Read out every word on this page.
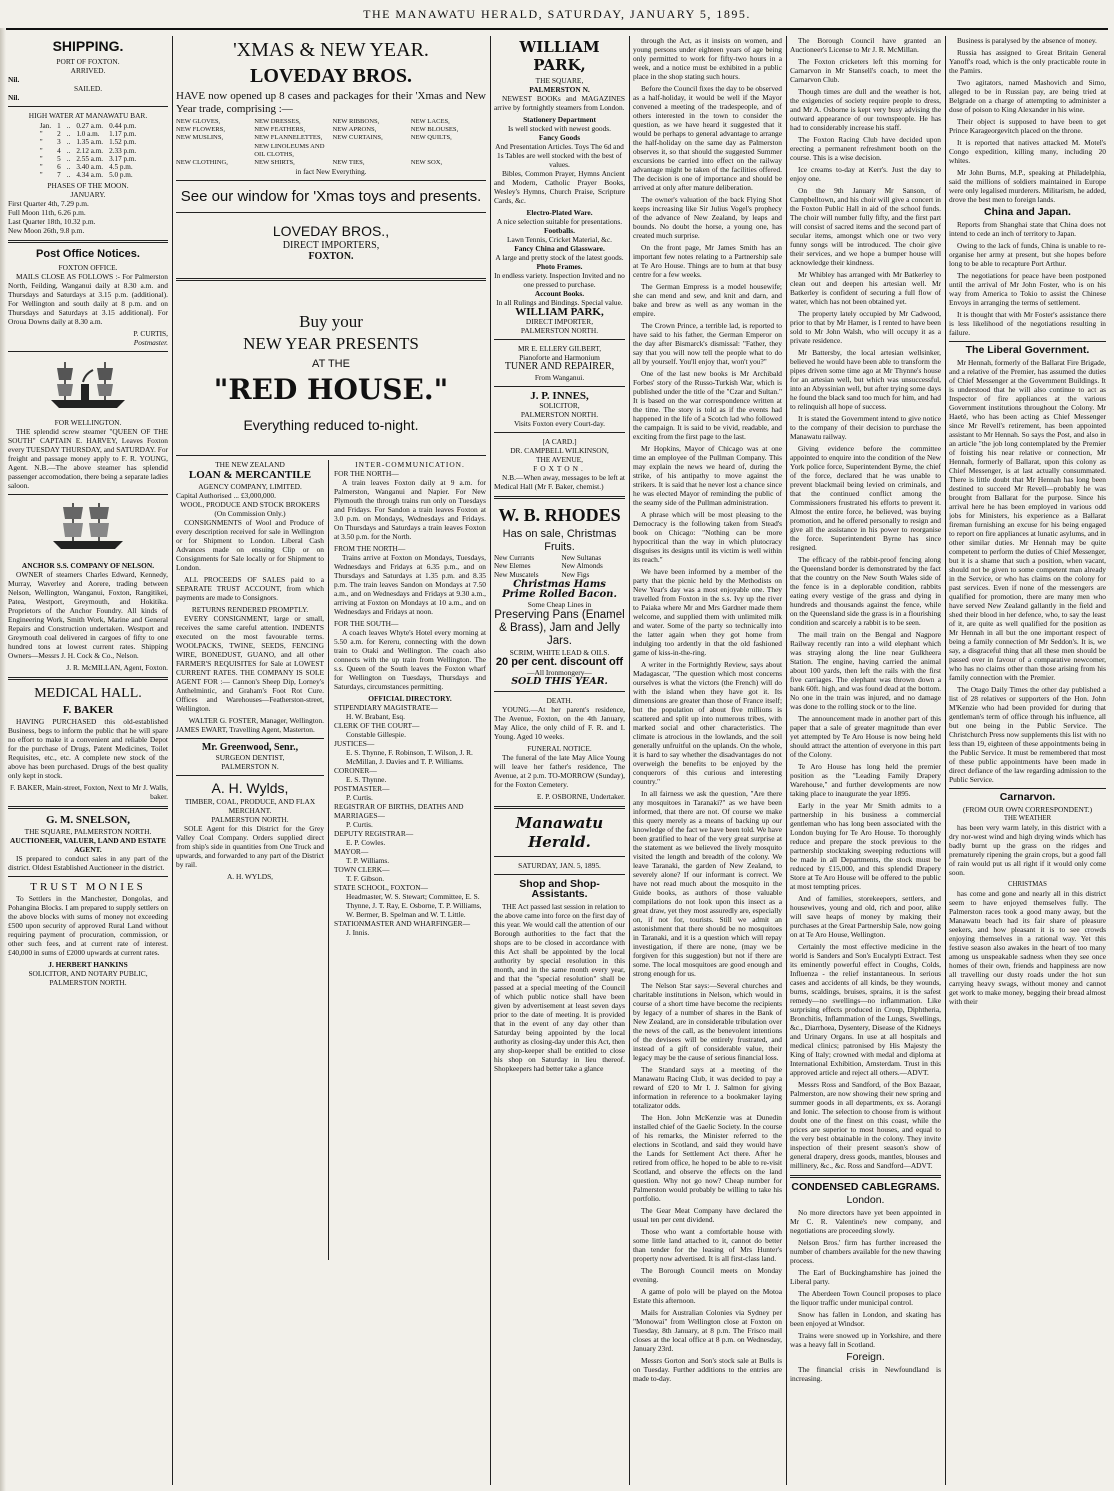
THE MANAWATU HERALD, SATURDAY, JANUARY 5, 1895.
SHIPPING.
PORT OF FOXTON.
ARRIVED.
Nil.
SAILED.
Nil.
HIGH WATER AT MANAWATU BAR.
Jan.	1	..	0.27 a.m.	0.44 p.m.
"	2	..	1.0 a.m.	1.17 p.m.
"	3	..	1.35 a.m.	1.52 p.m.
"	4	..	2.12 a.m.	2.33 p.m.
"	5	..	2.55 a.m.	3.17 p.m.
"	6	..	3.40 a.m.	4.5 p.m.
"	7	..	4.34 a.m.	5.0 p.m.
PHASES OF THE MOON.
JANUARY.
First Quarter 4th, 7.29 p.m.
Full Moon 11th, 6.26 p.m.
Last Quarter 18th, 10.32 p.m.
New Moon 26th, 9.8 p.m.
Post Office Notices.
FOXTON OFFICE.

MAILS CLOSE AS FOLLOWS :- For Palmerston North, Feilding, Wanganui daily at 8.30 a.m. and Thursdays and Saturdays at 3.15 p.m. (additional). For Wellington and south daily at 8 p.m. and on Thursdays and Saturdays at 3.15 additional). For Oroua Downs daily at 8.30 a.m.

P. CURTIS,
Postmaster.
FOR WELLINGTON.

THE splendid screw steamer "QUEEN OF THE SOUTH" CAPTAIN E. HARVEY, Leaves Foxton every TUESDAY THURSDAY, and SATURDAY. For freight and passage money apply to F. R. YOUNG, Agent. N.B.—The above steamer has splendid passenger accomodation, there being a separate ladies saloon.

ANCHOR S.S. COMPANY OF NELSON.

OWNER of steamers Charles Edward, Kennedy, Murray, Waverley and Aorere, trading between Nelson, Wellington, Wanganui, Foxton, Rangitikei, Patea, Westport, Greymouth, and Hokitika. Proprietors of the Anchor Foundry. All kinds of Engineering Work, Smith Work, Marine and General Repairs and Construction undertaken. Westport and Greymouth coal delivered in cargoes of fifty to one hundred tons at lowest current rates. Shipping Owners—Messrs J. H. Cock & Co., Nelson.

J. R. McMILLAN, Agent, Foxton.
MEDICAL HALL.
F. BAKER

HAVING PURCHASED this old-established Business, begs to inform the public that he will spare no effort to make it a convenient and reliable Depot for the purchase of Drugs, Patent Medicines, Toilet Requisites, etc., etc. A complete new stock of the above has been purchased. Drugs of the best quality only kept in stock.

F. BAKER, Main-street, Foxton, Next to Mr J. Walls, baker.
G. M. SNELSON,
THE SQUARE, PALMERSTON NORTH.
AUCTIONEER, VALUER, LAND AND ESTATE AGENT.

IS prepared to conduct sales in any part of the district. Oldest Established Auctioneer in the district.

TRUST MONIES

To Settlers in the Manchester, Dongolas, and Pohangina Blocks. I am prepared to supply settlers on the above blocks with sums of money not exceeding £500 upon security of approved Rural Land without requiring payment of procuration, commission, or other such fees, and at current rate of interest. £40,000 in sums of £2000 upwards at current rates.

J. HERBERT HANKINS
SOLICITOR, AND NOTARY PUBLIC, PALMERSTON NORTH.
'XMAS & NEW YEAR.
LOVEDAY BROS.

HAVE now opened up 8 cases and packages for their 'Xmas and New Year trade, comprising :—

NEW GLOVES,	NEW DRESSES,	NEW RIBBONS,	NEW LACES,
NEW FLOWERS,	NEW FEATHERS,	NEW APRONS,	NEW BLOUSES,
NEW MUSLINS,	NEW FLANNELETTES,	NEW CURTAINS,	NEW QUILTS,
NEW LINOLEUMS AND OIL CLOTHS,
NEW CLOTHING,	NEW SHIRTS,	NEW TIES,	NEW SOX,
in fact New Everything.
See our window for 'Xmas toys and presents.
LOVEDAY BROS.,
DIRECT IMPORTERS,
FOXTON.
Buy your
NEW YEAR PRESENTS
AT THE
"RED HOUSE."
Everything reduced to-night.
THE NEW ZEALAND
LOAN & MERCANTILE
AGENCY COMPANY, LIMITED.
Capital Authorised ... £3,000,000.
WOOL, PRODUCE AND STOCK BROKERS
(On Commission Only.)

CONSIGNMENTS of Wool and Produce of every description received for sale in Wellington or for Shipment to London. Liberal Cash Advances made on ensuing Clip or on Consignments for Sale locally or for Shipment to London.

ALL PROCEEDS OF SALES paid to a SEPARATE TRUST ACCOUNT, from which payments are made to Consignors.

RETURNS RENDERED PROMPTLY.

EVERY CONSIGNMENT, large or small, receives the same careful attention. INDENTS executed on the most favourable terms. WOOLPACKS, TWINE, SEEDS, FENCING WIRE, BONEDUST, GUANO, and all other FARMER'S REQUISITES for Sale at LOWEST CURRENT RATES. THE COMPANY IS SOLE AGENT FOR :— Cannon's Sheep Dip, Lorney's Anthelmintic, and Graham's Foot Rot Cure. Offices and Warehouses—Featherston-street, Wellington.

WALTER G. FOSTER, Manager, Wellington.
JAMES EWART, Travelling Agent, Masterton.
Mr. Greenwood, Senr.,
SURGEON DENTIST,
PALMERSTON N.
A. H. Wylds,
TIMBER, COAL, PRODUCE, AND FLAX MERCHANT.
PALMERSTON NORTH.

SOLE Agent for this District for the Grey Valley Coal Company. Orders supplied direct from ship's side in quantities from One Truck and upwards, and forwarded to any part of the District by rail.

A. H. WYLDS,
INTER-COMMUNICATION.
FOR THE NORTH—

A train leaves Foxton daily at 9 a.m. for Palmerston, Wanganui and Napier. For New Plymouth the through trains run only on Tuesdays and Fridays. For Sandon a train leaves Foxton at 3.0 p.m. on Mondays, Wednesdays and Fridays. On Thursdays and Saturdays a train leaves Foxton at 3.50 p.m. for the North.

FROM THE NORTH—

Trains arrive at Foxton on Mondays, Tuesdays, Wednesdays and Fridays at 6.35 p.m., and on Thursdays and Saturdays at 1.35 p.m. and 8.35 p.m. The train leaves Sandon on Mondays at 7.50 a.m., and on Wednesdays and Fridays at 9.30 a.m., arriving at Foxton on Mondays at 10 a.m., and on Wednesdays and Fridays at noon.

FOR THE SOUTH—

A coach leaves Whyte's Hotel every morning at 5.50 a.m. for Kereru, connecting with the down train to Otaki and Wellington. The coach also connects with the up train from Wellington. The s.s. Queen of the South leaves the Foxton wharf for Wellington on Tuesdays, Thursdays and Saturdays, circumstances permitting.

OFFICIAL DIRECTORY.
STIPENDIARY MAGISTRATE—
H. W. Brabant, Esq.
CLERK OF THE COURT—
Constable Gillespie.
JUSTICES—
E. S. Thynne, F. Robinson, T. Wilson, J. R. McMillan, J. Davies and T. P. Williams.
CORONER—
E. S. Thynne.
POSTMASTER—
P. Curtis.
REGISTRAR OF BIRTHS, DEATHS AND MARRIAGES—
P. Curtis.
DEPUTY REGISTRAR—
E. P. Cowles.
MAYOR—
T. P. Williams.
TOWN CLERK—
T. F. Gibson.
STATE SCHOOL, FOXTON—
Headmaster, W. S. Stewart; Committee, E. S. Thynne, J. T. Ray, E. Osborne, T. P. Williams, W. Bermer, B. Spelman and W. T. Little.
STATIONMASTER AND WHARFINGER—
J. Innis.
WILLIAM PARK,
THE SQUARE,
PALMERSTON N.

NEWEST BOOKs and MAGAZINES arrive by fortnightly steamers from London.

Stationery Department
Is well stocked with newest goods.
Fancy Goods
And Presentation Articles. Toys The 6d and 1s Tables are well stocked with the best of values.

Bibles, Common Prayer, Hymns Ancient and Modern, Catholic Prayer Books, Wesley's Hymns, Church Praise, Scripture Cards, &c.

Electro-Plated Ware.
A nice selection suitable for presentations.
Footballs.
Lawn Tennis, Cricket Material, &c.
Fancy China and Glassware.
A large and pretty stock of the latest goods.
Photo Frames.
In endless variety. Inspection Invited and no one pressed to purchase.
Account Books.
In all Rulings and Bindings. Special value.
WILLIAM PARK,
DIRECT IMPORTER,
PALMERSTON NORTH.
MR E. ELLERY GILBERT,
Pianoforte and Harmonium
TUNER AND REPAIRER,
From Wanganui.
J. P. INNES,
SOLICITOR,
PALMERSTON NORTH.
Visits Foxton every Court-day.
[A CARD.]
DR. CAMPBELL WILKINSON,
THE AVENUE,
FOXTON.

N.B.—When away, messages to be left at Medical Hall (Mr F. Baker, chemist.)

W. B. RHODES
Has on sale, Christmas Fruits.
New Currants	New Sultanas
New Elemes	New Almonds
New Muscatels	New Figs
Christmas Hams
Prime Rolled Bacon.
Some Cheap Lines in
Preserving Pans (Enamel & Brass), Jam and Jelly Jars.
SCRIM, WHITE LEAD & OILS.
20 per cent. discount off
—All Ironmongery—
SOLD THIS YEAR.
DEATH.

YOUNG.—At her parent's residence, The Avenue, Foxton, on the 4th January, May Alice, the only child of F. R. and I. Young. Aged 10 weeks.

FUNERAL NOTICE.

The funeral of the late May Alice Young will leave her father's residence, The Avenue, at 2 p.m. TO-MORROW (Sunday), for the Foxton Cemetery.

E. P. OSBORNE, Undertaker.
Manawatu Herald.
SATURDAY, JAN. 5, 1895.
Shop and Shop-Assistants.

THE Act passed last session in relation to the above came into force on the first day of this year. We would call the attention of our Borough authorities to the fact that the shops are to be closed in accordance with this Act shall be appointed by the local authority by special resolution in this month, and in the same month every year, and that the "special resolution" shall be passed at a special meeting of the Council of which public notice shall have been given by advertisement at least seven days prior to the date of meeting. It is provided that in the event of any day other than Saturday being appointed by the local authority as closing-day under this Act, then any shop-keeper shall be entitled to close his shop on Saturday in lieu thereof. Shopkeepers had better take a glance

through the Act, as it insists on women, and young persons under eighteen years of age being only permitted to work for fifty-two hours in a week, and a notice must be exhibited in a public place in the shop stating such hours.

Before the Council fixes the day to be observed as a half-holiday, it would be well if the Mayor convened a meeting of the tradespeople, and of others interested in the town to consider the question, as we have heard it suggested that it would be perhaps to general advantage to arrange the half-holiday on the same day as Palmerston observes it, so that should the suggested Summer excursions be carried into effect on the railway advantage might be taken of the facilities offered. The decision is one of importance and should be arrived at only after mature deliberation.

The owner's valuation of the back Flying Shot keeps increasing like Sir Julius Vogel's prophecy of the advance of New Zealand, by leaps and bounds. No doubt the horse, a young one, has created much surprise.

On the front page, Mr James Smith has an important few notes relating to a Partnership sale at Te Aro House. Things are to hum at that busy centre for a few weeks.

The German Empress is a model housewife; she can mend and sew, and knit and darn, and bake and brew as well as any woman in the empire.

The Crown Prince, a terrible lad, is reported to have said to his father, the German Emperor on the day after Bismarck's dismissal: "Father, they say that you will now tell the people what to do all by yourself. You'll enjoy that, won't you?"

One of the last new books is Mr Archibald Forbes' story of the Russo-Turkish War, which is published under the title of the "Czar and Sultan." It is based on the war correspondence written at the time. The story is told as if the events had happened in the life of a Scotch lad who followed the campaign. It is said to be vivid, readable, and exciting from the first page to the last.

Mr Hopkins, Mayor of Chicago was at one time an employee of the Pullman Company. This may explain the news we heard of, during the strike, of his antipathy to move against the strikers. It is said that he never lost a chance since he was elected Mayor of reminding the public of the seamy side of the Pullman administration.

A phrase which will be most pleasing to the Democracy is the following taken from Stead's book on Chicago: "Nothing can be more hypocritical than the way in which plutocracy disguises its designs until its victim is well within its reach."

We have been informed by a member of the party that the picnic held by the Methodists on New Year's day was a most enjoyable one. They travelled from Foxton in the s.s. Ivy up the river to Paiaka where Mr and Mrs Gardner made them welcome, and supplied them with unlimited milk and water. Some of the party so technically into the latter again when they got home from indulging too ardently in that the old fashioned game of kiss-in-the-ring.

A writer in the Fortnightly Review, says about Madagascar, "The question which most concerns ourselves is what the victors (the French) will do with the island when they have got it. Its dimensions are greater than those of France itself; but the population of about five millions is scattered and split up into numerous tribes, with marked social and other characteristics. The climate is atrocious in the lowlands, and the soil generally unfruitful on the uplands. On the whole, it is hard to say whether the disadvantages do not overweigh the benefits to be enjoyed by the conquerors of this curious and interesting country."

In all fairness we ask the question, "Are there any mosquitoes in Taranaki?" as we have been informed, that there are not. Of course we make this query merely as a means of backing up our knowledge of the fact we have been told. We have been gratified to hear of the very great surprise at the statement as we believed the lively mosquito visited the length and breadth of the colony. We leave Taranaki, the garden of New Zealand, to severely alone? If our informant is correct. We have not read much about the mosquito in the Guide books, as authors of those valuable compilations do not look upon this insect as a great draw, yet they most assuredly are, especially on, if not for, tourists. Still we admit an astonishment that there should be no mosquitoes in Taranaki, and it is a question which will repay investigation, if there are none, (may we be forgiven for this suggestion) but not if there are some. The local mosquitoes are good enough and strong enough for us.

The Nelson Star says:—Several churches and charitable institutions in Nelson, which would in course of a short time have become the recipients by legacy of a number of shares in the Bank of New Zealand, are in considerable tribulation over the news of the call, as the benevolent intentions of the devisees will be entirely frustrated, and instead of a gift of considerable value, their legacy may be the cause of serious financial loss.

The Standard says at a meeting of the Manawatu Racing Club, it was decided to pay a reward of £20 to Mr I. J. Salmon for giving information in reference to a bookmaker laying totalizator odds.

The Hon. John McKenzie was at Dunedin installed chief of the Gaelic Society. In the course of his remarks, the Minister referred to the elections in Scotland, and said they would have the Lands for Settlement Act there. After he retired from office, he hoped to be able to re-visit Scotland, and observe the effects on the land question. Why not go now? Cheap number for Palmerston would probably be willing to take his portfolio.

The Gear Meat Company have declared the usual ten per cent dividend.

Those who want a comfortable house with some little land attached to it, cannot do better than tender for the leasing of Mrs Hunter's property now advertised. It is all first-class land.

The Borough Council meets on Monday evening.

A game of polo will be played on the Motoa Estate this afternoon.

Mails for Australian Colonies via Sydney per "Monowai" from Wellington close at Foxton on Tuesday, 8th January, at 8 p.m. The Frisco mail closes at the local office at 8 p.m. on Wednesday, January 23rd.

Messrs Gorton and Son's stock sale at Bulls is on Tuesday. Further additions to the entries are made to-day.

The Borough Council have granted an Auctioneer's License to Mr J. R. McMillan.

The Foxton cricketers left this morning for Carnarvon in Mr Stansell's coach, to meet the Carnarvon Club.

Though times are dull and the weather is hot, the exigencies of society require people to dress, and Mr A. Osborne is kept very busy advising the outward appearance of our townspeople. He has had to considerably increase his staff.

The Foxton Racing Club have decided upon erecting a permanent refreshment booth on the course. This is a wise decision.

Ice creams to-day at Kerr's. Just the day to enjoy one.

On the 9th January Mr Sanson, of Campbelltown, and his choir will give a concert in the Foxton Public Hall in aid of the school funds. The choir will number fully fifty, and the first part will consist of sacred items and the second part of secular items, amongst which one or two very funny songs will be introduced. The choir give their services, and we hope a bumper house will acknowledge their kindness.

Mr Whibley has arranged with Mr Batkerley to clean out and deepen his artesian well. Mr Batkerley is confident of securing a full flow of water, which has not been obtained yet.

The property lately occupied by Mr Cadwood, prior to that by Mr Hamer, is I rented to have been sold to Mr John Walsh, who will occupy it as a private residence.

Mr Battersby, the local artesian wellsinker, believed he would have been able to transform the pipes driven some time ago at Mr Thynne's house for an artesian well, but which was unsuccessful, into an Abyssinian well, but after trying some days he found the black sand too much for him, and had to relinquish all hope of success.

It is stated the Government intend to give notice to the company of their decision to purchase the Manawatu railway.

Giving evidence before the committee appointed to enquire into the condition of the New York police force, Superintendent Byrne, the chief of the force, declared that he was unable to prevent blackmail being levied on criminals, and that the continued conflict among the Commissioners frustrated his efforts to prevent it. Almost the entire force, he believed, was buying promotion, and he offered personally to resign and give all the assistance in his power to reorganise the force. Superintendent Byrne has since resigned.

The efficacy of the rabbit-proof fencing along the Queensland border is demonstrated by the fact that the country on the New South Wales side of the fence is in a deplorable condition, rabbits eating every vestige of the grass and dying in hundreds and thousands against the fence, while on the Queensland side the grass is in a flourishing condition and scarcely a rabbit is to be seen.

The mail train on the Bengal and Nagpore Railway recently ran into a wild elephant which was straying along the line near Gulkheera Station. The engine, having carried the animal about 100 yards, then left the rails with the first five carriages. The elephant was thrown down a bank 60ft. high, and was found dead at the bottom. No one in the train was injured, and no damage was done to the rolling stock or to the line.

The announcement made in another part of this paper that a sale of greater magnitude than ever yet attempted by Te Aro House is now being held should attract the attention of everyone in this part of the Colony.

Te Aro House has long held the premier position as the "Leading Family Drapery Warehouse," and further developments are now taking place to inaugurate the year 1895.

Early in the year Mr Smith admits to a partnership in his business a commercial gentleman who has long been associated with the London buying for Te Aro House. To thoroughly reduce and prepare the stock previous to the partnership stocktaking sweeping reductions will be made in all Departments, the stock must be reduced by £15,000, and this splendid Drapery Store at Te Aro House will be offered to the public at most tempting prices.

And of families, storekeepers, settlers, and housewives, young and old, rich and poor, alike will save heaps of money by making their purchases at the Great Partnership Sale, now going on at Te Aro House, Wellington.

Certainly the most effective medicine in the world is Sanders and Son's Eucalypti Extract. Test its eminently powerful effect in Coughs, Colds, Influenza - the relief instantaneous. In serious cases and accidents of all kinds, be they wounds, burns, scaldings, bruises, sprains, it is the safest remedy—no swellings—no inflammation. Like surprising effects produced in Croup, Diphtheria, Bronchitis, Inflammation of the Lungs, Swellings, &c., Diarrhoea, Dysentery, Disease of the Kidneys and Urinary Organs. In use at all hospitals and medical clinics; patronised by His Majesty the King of Italy; crowned with medal and diploma at International Exhibition, Amsterdam. Trust in this approved article and reject all others.—ADVT.

Messrs Ross and Sandford, of the Box Bazaar, Palmerston, are now showing their new spring and summer goods in all departments, ex ss. Aorangi and Ionic. The selection to choose from is without doubt one of the finest on this coast, while the prices are superior to most houses, and equal to the very best obtainable in the colony. They invite inspection of their present season's show of general drapery, dress goods, mantles, blouses and millinery, &c., &c. Ross and Sandford—ADVT.

CONDENSED CABLEGRAMS.
London.

No more directors have yet been appointed in Mr C. R. Valentine's new company, and negotiations are proceeding slowly.

Nelson Bros.' firm has further increased the number of chambers available for the new thawing process.

The Earl of Buckinghamshire has joined the Liberal party.

The Aberdeen Town Council proposes to place the liquor traffic under municipal control.

Snow has fallen in London, and skating has been enjoyed at Windsor.

Trains were snowed up in Yorkshire, and there was a heavy fall in Scotland.

Foreign.

The financial crisis in Newfoundland is increasing.

Business is paralysed by the absence of money.

Russia has assigned to Great Britain General Yanoff's road, which is the only practicable route in the Pamirs.

Two agitators, named Mashovich and Simo, alleged to be in Russian pay, are being tried at Belgrade on a charge of attempting to administer a dose of poison to King Alexander in his wine.

Their object is supposed to have been to get Prince Karageorgevitch placed on the throne.

It is reported that natives attacked M. Motel's Congo expedition, killing many, including 20 whites.

Mr John Burns, M.P., speaking at Philadelphia, said the millions of soldiers maintained in Europe were only legalised murderers. Militarism, he added, drove the best men to foreign lands.

China and Japan.

Reports from Shanghai state that China does not intend to cede an inch of territory to Japan.

Owing to the lack of funds, China is unable to re-organise her army at present, but she hopes before long to be able to recapture Port Arthur.

The negotiations for peace have been postponed until the arrival of Mr John Foster, who is on his way from America to Tokio to assist the Chinese Envoys in arranging the terms of settlement.

It is thought that with Mr Foster's assistance there is less likelihood of the negotiations resulting in failure.

The Liberal Government.

Mr Hennah, formerly of the Ballarat Fire Brigade, and a relative of the Premier, has assumed the duties of Chief Messenger at the Government Buildings. It is understood that he will also continue to act as Inspector of fire appliances at the various Government institutions throughout the Colony. Mr Haeté, who has been acting as Chief Messenger since Mr Revell's retirement, has been appointed assistant to Mr Hennah. So says the Post, and also in an article "the job long contemplated by the Premier of foisting his near relative or connection, Mr Hennah, formerly of Ballarat, upon this colony as Chief Messenger, is at last actually consummated. There is little doubt that Mr Hennah has long been destined to succeed Mr Revell—probably he was brought from Ballarat for the purpose. Since his arrival here he has been employed in various odd jobs for Ministers, his experience as a Ballarat fireman furnishing an excuse for his being engaged to report on fire appliances at lunatic asylums, and in other similar duties. Mr Hennah may be quite competent to perform the duties of Chief Messenger, but it is a shame that such a position, when vacant, should not be given to some competent man already in the Service, or who has claims on the colony for past services. Even if none of the messengers are qualified for promotion, there are many men who have served New Zealand gallantly in the field and shed their blood in her defence, who, to say the least of it, are quite as well qualified for the position as Mr Hennah in all but the one important respect of being a family connection of Mr Seddon's. It is, we say, a disgraceful thing that all these men should be passed over in favour of a comparative newcomer, who has no claims other than those arising from his family connection with the Premier.

The Otago Daily Times the other day published a list of 28 relatives or supporters of the Hon. John M'Kenzie who had been provided for during that gentleman's term of office through his influence, all but one being in the Public Service. The Christchurch Press now supplements this list with no less than 19, eighteen of these appointments being in the Public Service. It must be remembered that most of these public appointments have been made in direct defiance of the law regarding admission to the Public Service.

Carnarvon.
(FROM OUR OWN CORRESPONDENT.)
THE WEATHER

has been very warm lately, in this district with a dry nor-west wind and high drying winds which has badly burnt up the grass on the ridges and prematurely ripening the grain crops, but a good fall of rain would put us all right if it would only come soon.

CHRISTMAS

has come and gone and nearly all in this district seem to have enjoyed themselves fully. The Palmerston races took a good many away, but the Manawatu beach had its fair share of pleasure seekers, and how pleasant it is to see crowds enjoying themselves in a rational way. Yet this festive season also awakes in the heart of too many among us unspeakable sadness when they see once homes of their own, friends and happiness are now all travelling our dusty roads under the hot sun carrying heavy swags, without money and cannot get work to make money, begging their bread almost with their
